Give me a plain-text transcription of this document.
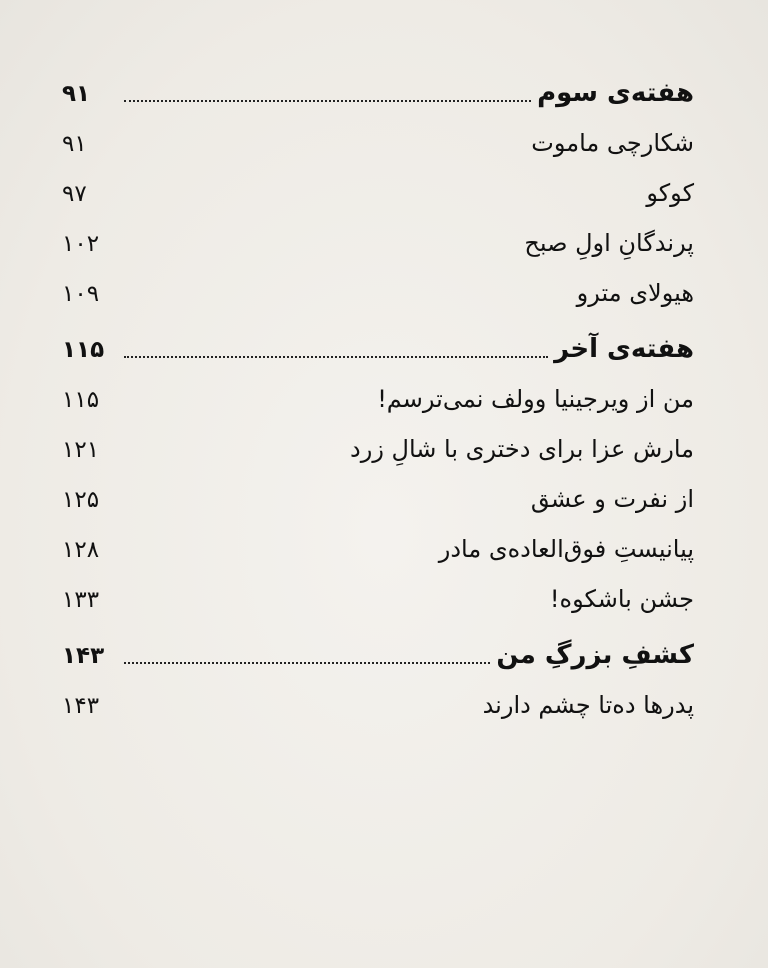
هفته‌ی سوم
۹۱
شکارچی ماموت
۹۱
کوکو
۹۷
پرندگانِ اولِ صبح
۱۰۲
هیولای مترو
۱۰۹
هفته‌ی آخر
۱۱۵
من از ویرجینیا وولف نمی‌ترسم!
۱۱۵
مارش عزا برای دختری با شالِ زرد
۱۲۱
از نفرت و عشق
۱۲۵
پیانیستِ فوق‌العاده‌ی مادر
۱۲۸
جشن باشکوه!
۱۳۳
کشفِ بزرگِ من
۱۴۳
پدرها ده‌تا چشم دارند
۱۴۳
